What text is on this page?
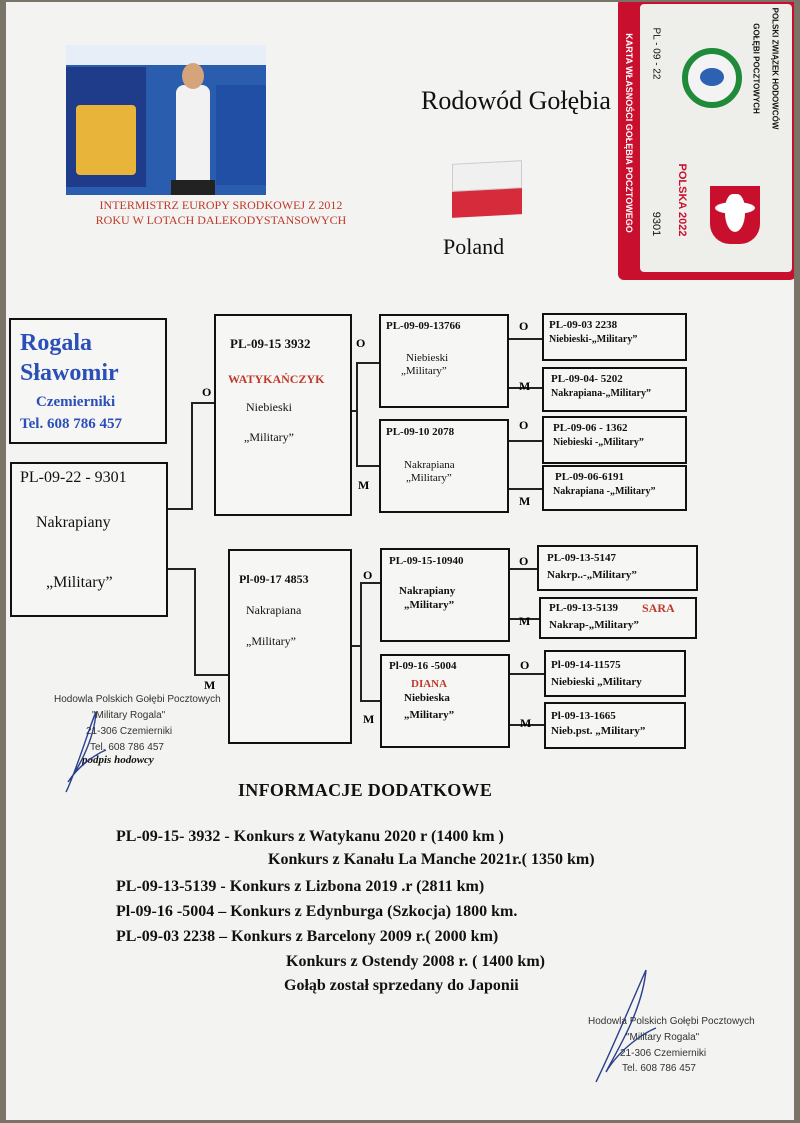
INTERMISTRZ EUROPY SRODKOWEJ Z 2012
ROKU W LOTACH DALEKODYSTANSOWYCH
Rodowód Gołębia
Poland
KARTA WŁASNOŚCI GOŁĘBIA POCZTOWEGO	POLSKI ZWIĄZEK HODOWCÓW
GOŁĘBI POCZTOWYCH
PL - 09 - 22
POLSKA 2022
9301
Rogala
Sławomir
Czemierniki
Tel. 608 786 457
PL-09-22 - 9301
Nakrapiany
„Military”
PL-09-15 3932
WATYKAŃCZYK
Niebieski
„Military”
Pl-09-17 4853
Nakrapiana
„Military”
PL-09-09-13766
Niebieski
„Military”
PL-09-10 2078
Nakrapiana
„Military”
PL-09-15-10940
Nakrapiany
„Military”
Pl-09-16 -5004
DIANA
Niebieska
„Military”
PL-09-03 2238
Niebieski-„Military”
PL-09-04- 5202
Nakrapiana-„Military”
PL-09-06 - 1362
Niebieski -„Military”
PL-09-06-6191
Nakrapiana -„Military”
PL-09-13-5147
Nakrp..-„Military”
PL-09-13-5139 SARA
Nakrap-„Military”
Pl-09-14-11575
Niebieski „Military
Pl-09-13-1665
Nieb.pst. „Military”
O
M
O
M
O
M
O
M
O
M
O
M
O
M
Hodowla Polskich Gołębi Pocztowych
"Military Rogala"
21-306 Czemierniki
Tel. 608 786 457
podpis hodowcy
INFORMACJE DODATKOWE
PL-09-15- 3932 - Konkurs z Watykanu 2020 r (1400 km )
Konkurs z Kanału La Manche 2021r.( 1350 km)
PL-09-13-5139 - Konkurs z Lizbona 2019 .r (2811 km)
Pl-09-16 -5004 – Konkurs z Edynburga (Szkocja) 1800 km.
PL-09-03 2238 – Konkurs z Barcelony 2009 r.( 2000 km)
Konkurs z Ostendy 2008 r. ( 1400 km)
Gołąb został sprzedany do Japonii
Hodowla Polskich Gołębi Pocztowych
"Military Rogala"
21-306 Czemierniki
Tel. 608 786 457
